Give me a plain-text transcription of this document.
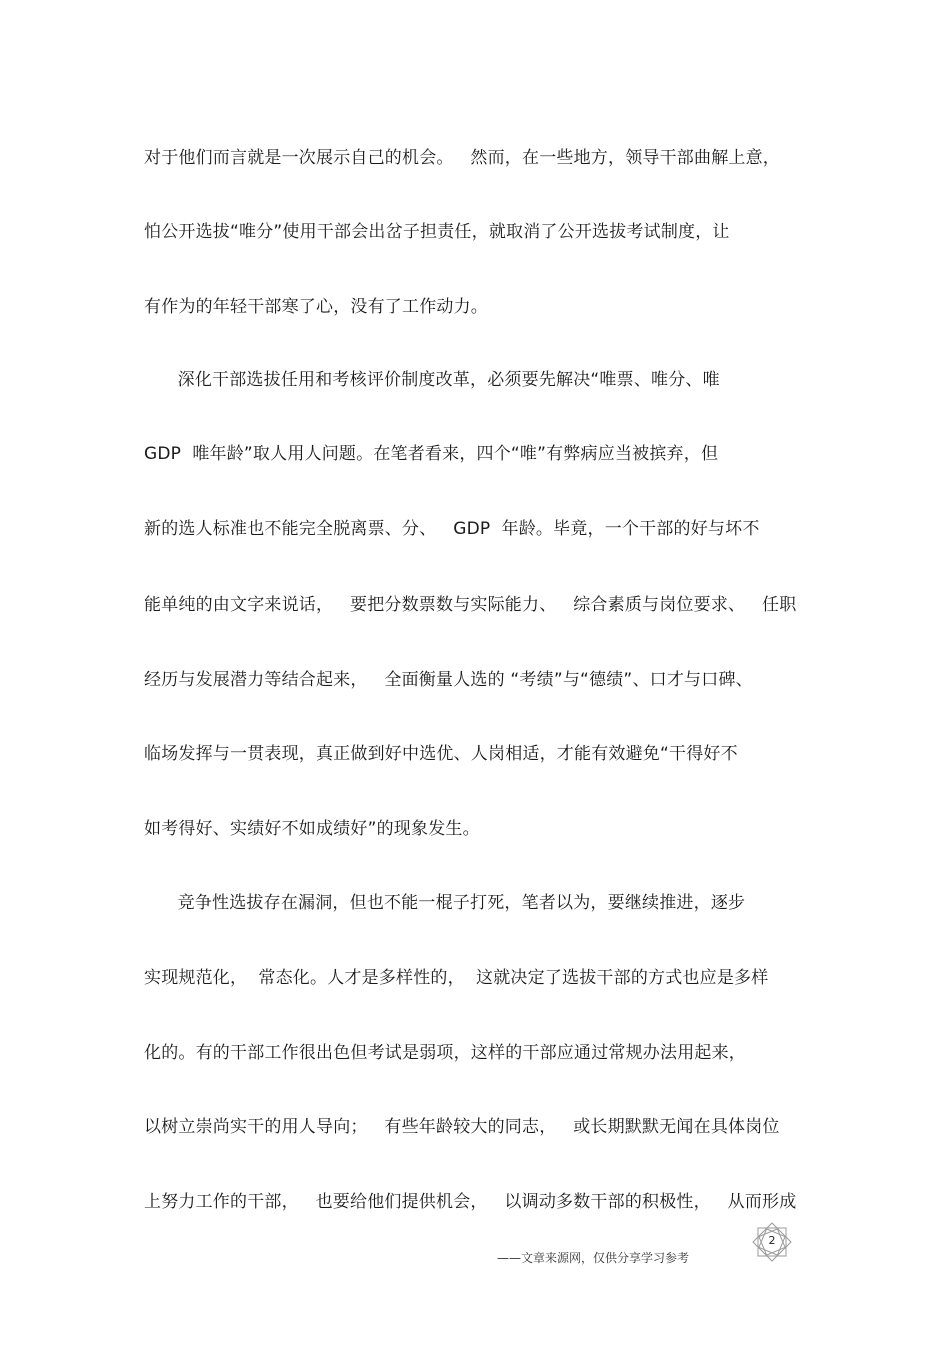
对于他们而言就是一次展示自己的机会。   然而，在一些地方，领导干部曲解上意，
怕公开选拔“唯分”使用干部会出岔子担责任，就取消了公开选拔考试制度，让
有作为的年轻干部寒了心，没有了工作动力。
深化干部选拔任用和考核评价制度改革，必须要先解决“唯票、唯分、唯
GDP  唯年龄”取人用人问题。在笔者看来，四个“唯”有弊病应当被摈弃，但
新的选人标准也不能完全脱离票、分、   GDP  年龄。毕竟，一个干部的好与坏不
能单纯的由文字来说话，   要把分数票数与实际能力、   综合素质与岗位要求、   任职
经历与发展潜力等结合起来，   全面衡量人选的 “考绩”与“德绩”、口才与口碑、
临场发挥与一贯表现，真正做到好中选优、人岗相适，才能有效避免“干得好不
如考得好、实绩好不如成绩好”的现象发生。
竞争性选拔存在漏洞，但也不能一棍子打死，笔者以为，要继续推进，逐步
实现规范化，  常态化。人才是多样性的，  这就决定了选拔干部的方式也应是多样
化的。有的干部工作很出色但考试是弱项，这样的干部应通过常规办法用起来，
以树立崇尚实干的用人导向；   有些年龄较大的同志，   或长期默默无闻在具体岗位
上努力工作的干部，   也要给他们提供机会，   以调动多数干部的积极性，   从而形成
——文章来源网，仅供分享学习参考
2
